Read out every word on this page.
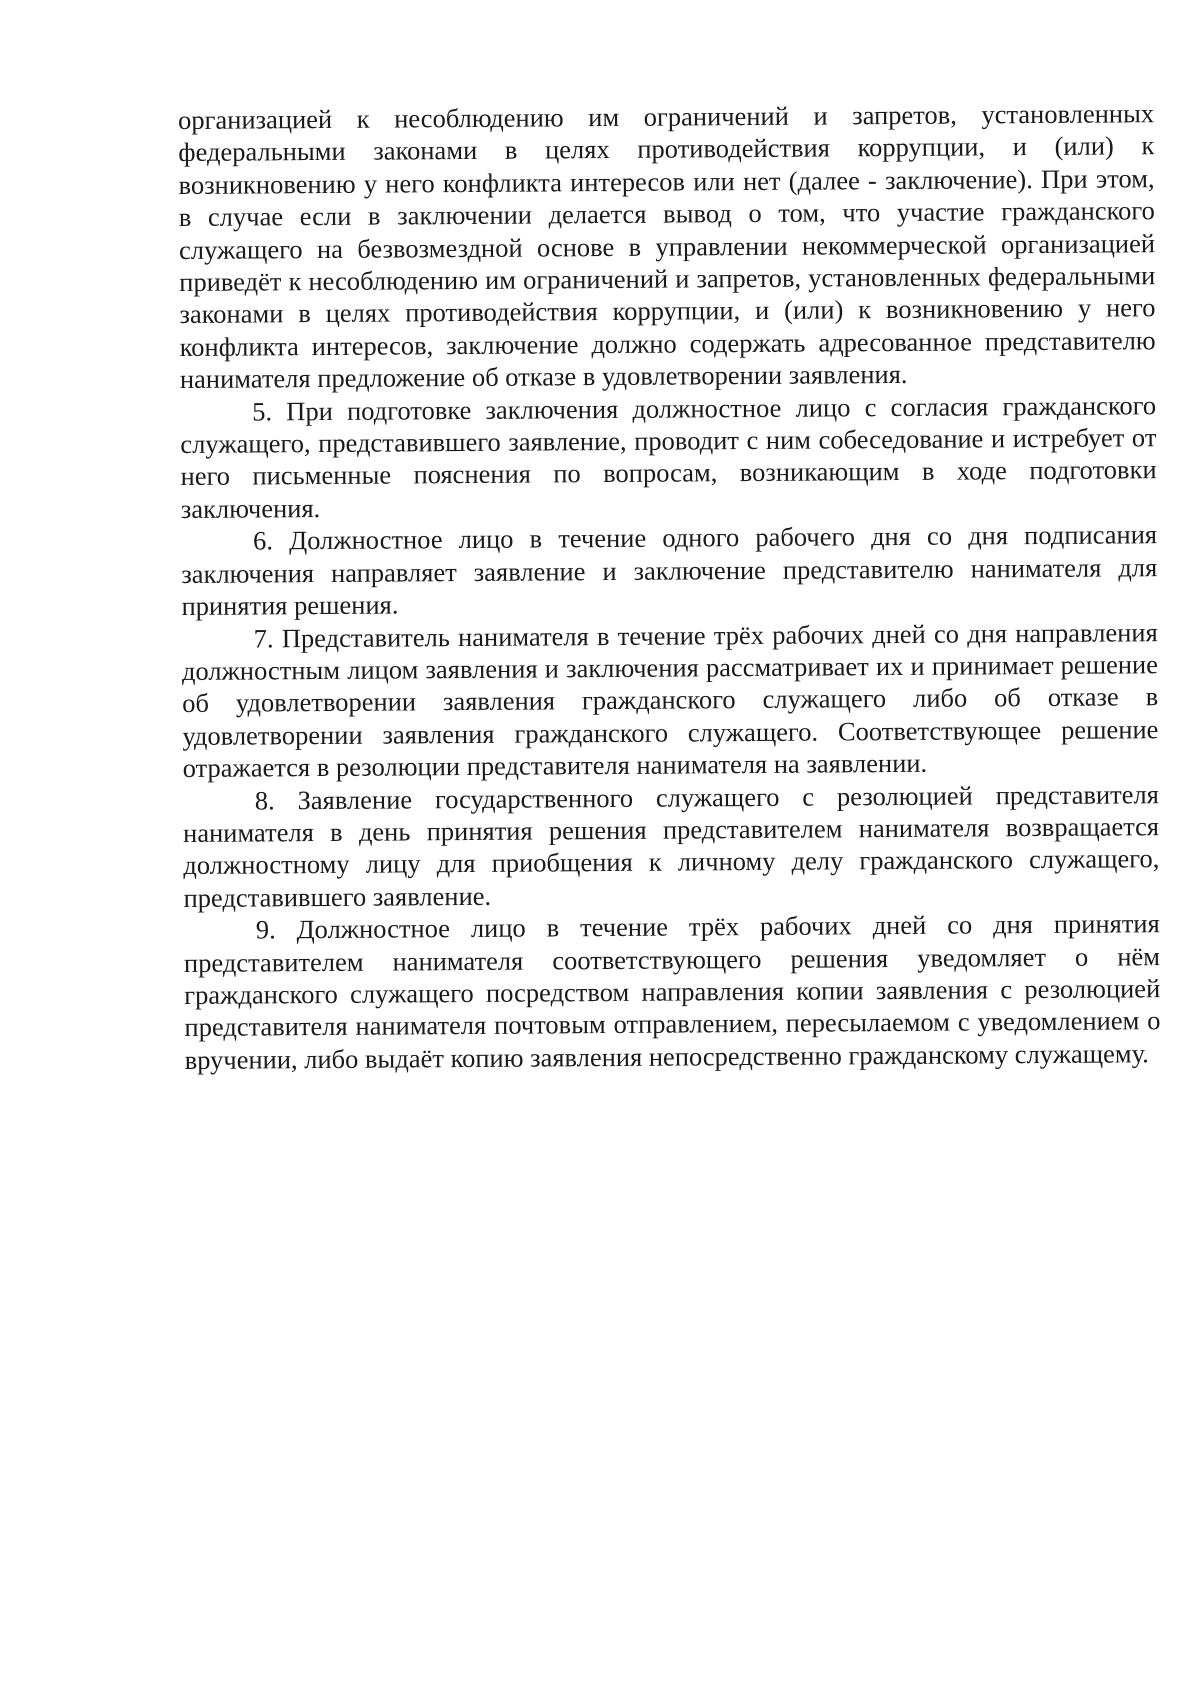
организацией к несоблюдению им ограничений и запретов, установленных федеральными законами в целях противодействия коррупции, и (или) к возникновению у него конфликта интересов или нет (далее - заключение). При этом, в случае если в заключении делается вывод о том, что участие гражданского служащего на безвозмездной основе в управлении некоммерческой организацией приведёт к несоблюдению им ограничений и запретов, установленных федеральными законами в целях противодействия коррупции, и (или) к возникновению у него конфликта интересов, заключение должно содержать адресованное представителю нанимателя предложение об отказе в удовлетворении заявления.

5. При подготовке заключения должностное лицо с согласия гражданского служащего, представившего заявление, проводит с ним собеседование и истребует от него письменные пояснения по вопросам, возникающим в ходе подготовки заключения.

6. Должностное лицо в течение одного рабочего дня со дня подписания заключения направляет заявление и заключение представителю нанимателя для принятия решения.

7. Представитель нанимателя в течение трёх рабочих дней со дня направления должностным лицом заявления и заключения рассматривает их и принимает решение об удовлетворении заявления гражданского служащего либо об отказе в удовлетворении заявления гражданского служащего. Соответствующее решение отражается в резолюции представителя нанимателя на заявлении.

8. Заявление государственного служащего с резолюцией представителя нанимателя в день принятия решения представителем нанимателя возвращается должностному лицу для приобщения к личному делу гражданского служащего, представившего заявление.

9. Должностное лицо в течение трёх рабочих дней со дня принятия представителем нанимателя соответствующего решения уведомляет о нём гражданского служащего посредством направления копии заявления с резолюцией представителя нанимателя почтовым отправлением, пересылаемом с уведомлением о вручении, либо выдаёт копию заявления непосредственно гражданскому служащему.
